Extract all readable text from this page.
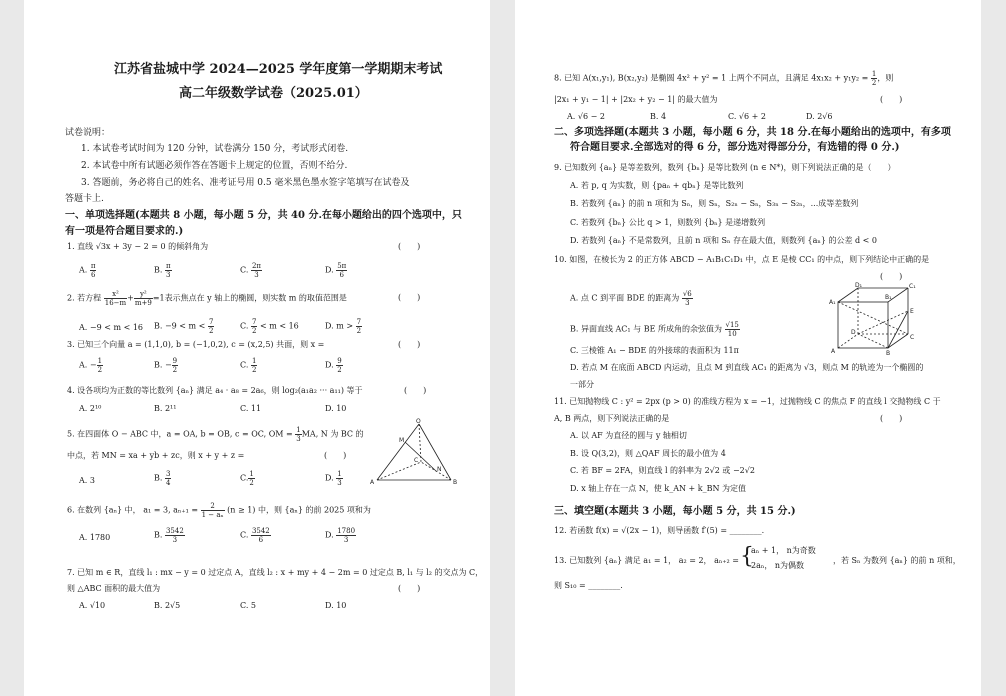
江苏省盐城中学 2024—2025 学年度第一学期期末考试
高二年级数学试卷（2025.01）
试卷说明：
1. 本试卷考试时间为 120 分钟，试卷满分 150 分，考试形式闭卷.
2. 本试卷中所有试题必须作答在答题卡上规定的位置，否则不给分.
3. 答题前，务必将自己的姓名、准考证号用 0.5 毫米黑色墨水签字笔填写在试卷及
答题卡上.
一、单项选择题(本题共 8 小题，每小题 5 分，共 40 分.在每小题给出的四个选项中，只
有一项是符合题目要求的.)
1. 直线 √3x + 3y − 2 = 0 的倾斜角为	(　　)
A. $\frac{\pi}{6}$	B. $\frac{\pi}{3}$	C. $\frac{2\pi}{3}$	D. $\frac{5\pi}{6}$
2. 若方程 $\frac{\text{x²}}{16-m} + \frac{\text{y²}}{m+9} =1$表示焦点在 y 轴上的椭圆，则实数 m 的取值范围是	(　　)
A. −9 < m < 16 B. $-9 < m < \frac{7}{2}$	C. $\frac{7}{2} < m < 16$	D. $m > \frac{7}{2}$
3. 已知三个向量 a = (1,1,0), b = (−1,0,2), c = (x,2,5) 共面，则 x =	(　　)
A. − $\frac{1}{2}$	B. − $\frac{9}{2}$	C. $\frac{1}{2}$	D. $\frac{9}{2}$
4. 设各项均为正数的等比数列 {aₙ} 满足 a₄ · a₈ = 2a₆，则 log₂(a₁a₂ ··· a₁₁) 等于	(　　)
A. 2¹⁰	B. 2¹¹	C. 11	D. 10
5. 在四面体 O − ABC 中，a = OA, b = OB, c = OC, OM = $\frac{1}{3}$ MA, N 为 BC 的
中点，若 MN = xa + yb + zc，则 x + y + z =	(　　)
A. 3	B. $\frac{3}{4}$	C. $\frac{1}{2}$	D. $\frac{1}{3}$
O
A	B
C
M
N
6. 在数列 {aₙ} 中， a₁ = 3, $a_{n+1} = \frac{2}{\text{1 − aₙ}} (n \ge 1)$ 中，则 {aₙ} 的前 2025 项和为
A. 1780	B. $\frac{3542}{3}$	C. $\frac{3542}{6}$	D. $\frac{1780}{3}$
7. 已知 m ∈ R，直线 l₁ : mx − y = 0 过定点 A，直线 l₂ : x + my + 4 − 2m = 0 过定点 B, l₁ 与 l₂ 的交点为 C，
则 △ABC 面积的最大值为	(　　)
A. √10	B. 2√5	C. 5	D. 10
8. 已知 A(x₁,y₁), B(x₂,y₂) 是椭圆 4x² + y² = 1 上两个不同点，且满足 $4x_1x_2 + y_1y_2 = \frac{1}{2}$ ，则
|2x₁ + y₁ − 1| + |2x₂ + y₂ − 1| 的最大值为	(　　)
A. √6 − 2	B. 4	C. √6 + 2	D. 2√6
二、多项选择题(本题共 3 小题，每小题 6 分，共 18 分.在每小题给出的选项中，有多项
符合题目要求.全部选对的得 6 分，部分选对得部分分，有选错的得 0 分.)
9. 已知数列 {aₙ} 是等差数列，数列 {bₙ} 是等比数列 (n ∈ N*)，则下列说法正确的是（　　）
A. 若 p, q 为实数，则 {paₙ + qbₙ} 是等比数列
B. 若数列 {aₙ} 的前 n 项和为 Sₙ，则 Sₙ，S₂ₙ − Sₙ，S₃ₙ − S₂ₙ，...成等差数列
C. 若数列 {bₙ} 公比 q > 1，则数列 {bₙ} 是递增数列
D. 若数列 {aₙ} 不是常数列，且前 n 项和 Sₙ 存在最大值，则数列 {aₙ} 的公差 d < 0
10. 如图，在棱长为 2 的正方体 ABCD − A₁B₁C₁D₁ 中，点 E 是棱 CC₁ 的中点，则下列结论中正确的是
(　　)
A. 点 C 到平面 BDE 的距离为 $\frac{√6}{3}$
B. 异面直线 AC₁ 与 BE 所成角的余弦值为 $\frac{√15}{10}$
C. 三棱锥 A₁ − BDE 的外接球的表面积为 11π
D. 若点 M 在底面 ABCD 内运动，且点 M 到直线 AC₁ 的距离为 √3，则点 M 的轨迹为一个椭圆的
一部分
A₁
B₁
C₁
D₁
A	B
C
D
E
11. 已知抛物线 C : y² = 2px (p > 0) 的准线方程为 x = −1，过抛物线 C 的焦点 F 的直线 l 交抛物线 C 于
A, B 两点，则下列说法正确的是	(　　)
A. 以 AF 为直径的圆与 y 轴相切
B. 设 Q(3,2)，则 △QAF 周长的最小值为 4
C. 若 BF = 2FA，则直线 l 的斜率为 2√2 或 −2√2
D. x 轴上存在一点 N，使 k_AN + k_BN 为定值
三、填空题(本题共 3 小题，每小题 5 分，共 15 分.)
12. 若函数 f(x) = √(2x − 1)，则导函数 f′(5) = ________.
13. 已知数列 {aₙ} 满足 a₁ = 1， a₂ = 2， aₙ₊₂ = {
aₙ + 1， n为奇数
2aₙ， n为偶数
，若 Sₙ 为数列 {aₙ} 的前 n 项和，
则 S₁₀ = ________.
